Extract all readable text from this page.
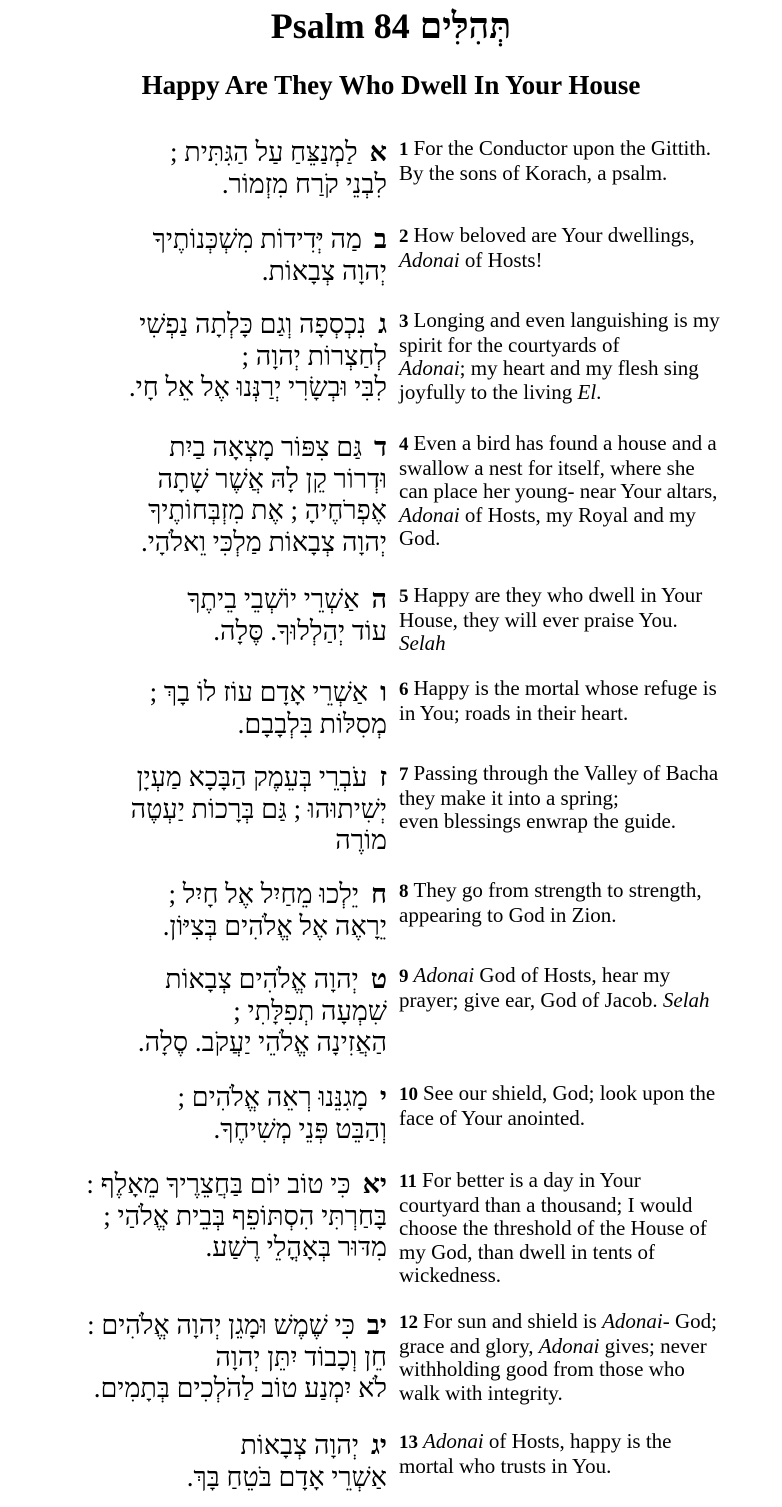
Psalm 84 תְּהִלִּים
Happy Are They Who Dwell In Your House
אלַמְנַצֵּחַ עַל הַגִּתִּית ;
לִבְנֵי קֹרַח מִזְמוֹר.
1 For the Conductor upon the Gittith.
By the sons of Korach, a psalm.
במַה יְּדִידוֹת מִשְׁכְּנוֹתֶיךָ
יְהוָה צְבָאוֹת.
2 How beloved are Your dwellings,
Adonai of Hosts!
גנִכְסְפָה וְגַם כָּלְתָה נַפְשִׁי
לְחַצְרוֹת יְהוָה ;
לִבִּי וּבְשָׂרִי יְרַנְּנוּ אֶל אֵל חָי.
3 Longing and even languishing is my
spirit for the courtyards of
Adonai; my heart and my flesh sing
joyfully to the living El.
דגַּם צִפּוֹר מָצְאָה בַיִת
וּדְרוֹר קֵן לָהּ אֲשֶׁר שָׁתָה
אֶפְרֹחֶיהָ ; אֶת מִזְבְּחוֹתֶיךָ
יְהוָה צְבָאוֹת מַלְכִּי וֵאלֹהָי.
4 Even a bird has found a house and a
swallow a nest for itself, where she
can place her young- near Your altars,
Adonai of Hosts, my Royal and my
God.
האַשְׁרֵי יוֹשְׁבֵי בֵיתֶךָ
עוֹד יְהַלְלוּךָ. סֶּלָה.
5 Happy are they who dwell in Your
House, they will ever praise You.
Selah
ואַשְׁרֵי אָדָם עוֹז לוֹ בָךְ ;
מְסִלּוֹת בִּלְבָבָם.
6 Happy is the mortal whose refuge is
in You; roads in their heart.
זעֹבְרֵי בְּעֵמֶק הַבָּכָא מַעְיָן
יְשִׁיתוּהוּ ; גַּם בְּרָכוֹת יַעְטֶה
מוֹרֶה
7 Passing through the Valley of Bacha
they make it into a spring;
even blessings enwrap the guide.
חיֵלְכוּ מֵחַיִל אֶל חָיִל ;
יֵרָאֶה אֶל אֱלֹהִים בְּצִיּוֹן.
8 They go from strength to strength,
appearing to God in Zion.
טיְהוָה אֱלֹהִים צְבָאוֹת
שִׁמְעָה תְפִלָּתִי ;
הַאֲזִינָה אֱלֹהֵי יַעֲקֹב. סֶלָה.
9 Adonai God of Hosts, hear my
prayer; give ear, God of Jacob. Selah
ימָגִנֵּנוּ רְאֵה אֱלֹהִים ;
וְהַבֵּט פְּנֵי מְשִׁיחֶךָ.
10 See our shield, God; look upon the
face of Your anointed.
יאכִּי טוֹב יוֹם בַּחֲצֵרֶיךָ מֵאָלֶף :
בָּחַרְתִּי הִסְתּוֹפֵף בְּבֵית אֱלֹהַי ;
מִדּוּר בְּאָהֳלֵי רֶשַׁע.
11 For better is a day in Your
courtyard than a thousand; I would
choose the threshold of the House of
my God, than dwell in tents of
wickedness.
יבכִּי שֶׁמֶשׁ וּמָגֵן יְהוָה אֱלֹהִים :
חֵן וְכָבוֹד יִתֵּן יְהוָה
לֹא יִמְנַע טוֹב לַהֹלְכִים בְּתָמִים.
12 For sun and shield is Adonai- God;
grace and glory, Adonai gives; never
withholding good from those who
walk with integrity.
יגיְהוָה צְבָאוֹת
אַשְׁרֵי אָדָם בֹּטֵחַ בָּךְ.
13 Adonai of Hosts, happy is the
mortal who trusts in You.
